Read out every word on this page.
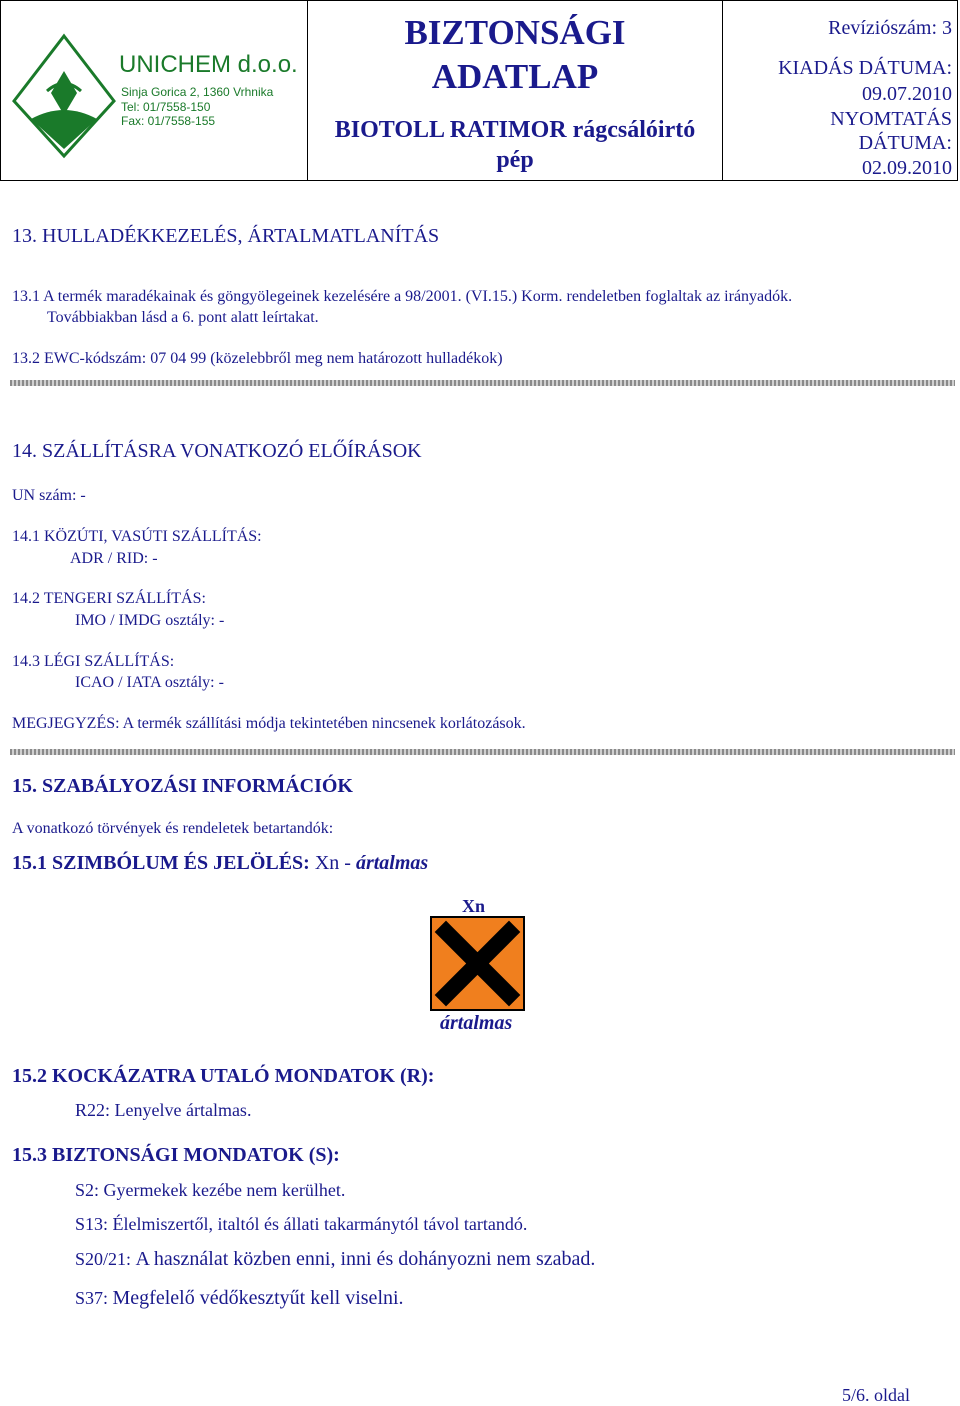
UNICHEM d.o.o.
Sinja Gorica 2, 1360 Vrhnika
Tel: 01/7558-150
Fax: 01/7558-155
BIZTONSÁGI
ADATLAP
BIOTOLL RATIMOR rágcsálóirtó
pép
Revíziószám: 3
KIADÁS DÁTUMA:
09.07.2010
NYOMTATÁS
DÁTUMA:
02.09.2010
13. HULLADÉKKEZELÉS, ÁRTALMATLANÍTÁS
13.1 A termék maradékainak és göngyölegeinek kezelésére a 98/2001. (VI.15.) Korm. rendeletben foglaltak az irányadók.
Továbbiakban lásd a 6. pont alatt leírtakat.
13.2 EWC-kódszám: 07 04 99 (közelebbről meg nem határozott hulladékok)
14. SZÁLLÍTÁSRA VONATKOZÓ ELŐÍRÁSOK
UN szám: -
14.1 KÖZÚTI, VASÚTI SZÁLLÍTÁS:
ADR / RID: -
14.2 TENGERI SZÁLLÍTÁS:
IMO / IMDG osztály: -
14.3 LÉGI SZÁLLÍTÁS:
ICAO / IATA osztály: -
MEGJEGYZÉS: A termék szállítási módja tekintetében nincsenek korlátozások.
15. SZABÁLYOZÁSI INFORMÁCIÓK
A vonatkozó törvények és rendeletek betartandók:
15.1 SZIMBÓLUM ÉS JELÖLÉS: Xn - ártalmas
Xn
ártalmas
15.2 KOCKÁZATRA UTALÓ MONDATOK (R):
R22: Lenyelve ártalmas.
15.3 BIZTONSÁGI MONDATOK (S):
S2: Gyermekek kezébe nem kerülhet.
S13: Élelmiszertől, italtól és állati takarmánytól távol tartandó.
S20/21: A használat közben enni, inni és dohányozni nem szabad.
S37: Megfelelő védőkesztyűt kell viselni.
5/6. oldal
